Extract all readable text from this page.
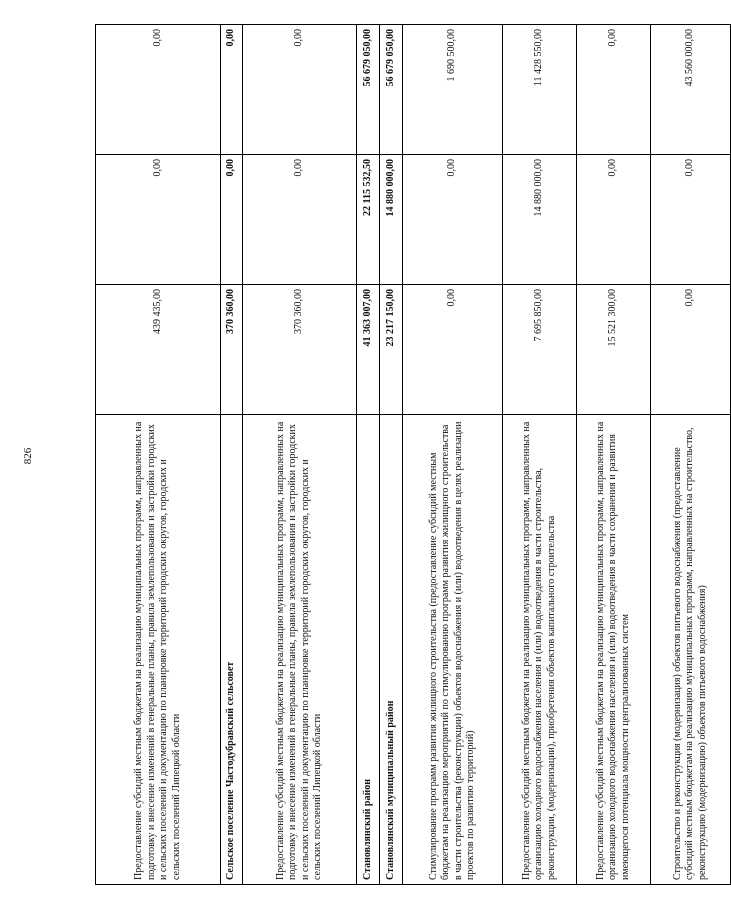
826	Предоставление субсидий местным бюджетам на реализацию муниципальных программ, направленных на подготовку и внесение изменений в генеральные планы, правила землепользования и застройки городских и сельских поселений и документацию по планировке территорий городских округов, городских и сельских поселений Липецкой области	439 435,00	0,00	0,00
Сельское поселение Частодубравский сельсовет	370 360,00	0,00	0,00
Предоставление субсидий местным бюджетам на реализацию муниципальных программ, направленных на подготовку и внесение изменений в генеральные планы, правила землепользования и застройки городских и сельских поселений и документацию по планировке территорий городских округов, городских и сельских поселений Липецкой области	370 360,00	0,00	0,00
Становлянский район	41 363 007,00	22 115 532,50	56 679 050,00
Становлянский муниципальный район	23 217 150,00	14 880 000,00	56 679 050,00
Стимулирование программ развития жилищного строительства (предоставление субсидий местным бюджетам на реализацию мероприятий по стимулированию программ развития жилищного строительства в части строительства (реконструкции) объектов водоснабжения и (или) водоотведения в целях реализации проектов по развитию территорий)	0,00	0,00	1 690 500,00
Предоставление субсидий местным бюджетам на реализацию муниципальных программ, направленных на организацию холодного водоснабжения населения и (или) водоотведения в части строительства, реконструкции, (модернизации), приобретения объектов капитального строительства	7 695 850,00	14 880 000,00	11 428 550,00
Предоставление субсидий местным бюджетам на реализацию муниципальных программ, направленных на организацию холодного водоснабжения населения и (или) водоотведения в части сохранения и развития имеющегося потенциала мощности централизованных систем	15 521 300,00	0,00	0,00
Строительство и реконструкция (модернизация) объектов питьевого водоснабжения (предоставление субсидий местным бюджетам на реализацию муниципальных программ, направленных на строительство, реконструкцию (модернизацию) объектов питьевого водоснабжения)	0,00	0,00	43 560 000,00
